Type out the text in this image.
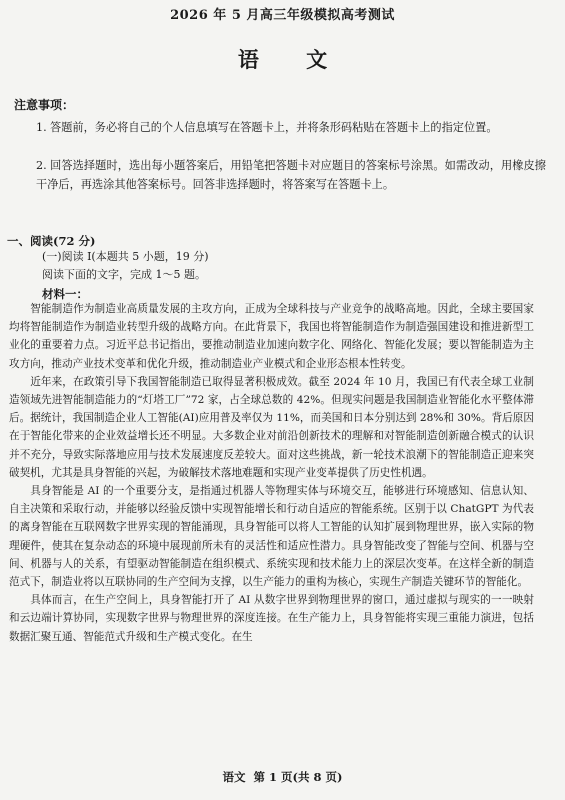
2026 年 5 月高三年级模拟高考测试
语 文
注意事项：
1. 答题前，务必将自己的个人信息填写在答题卡上，并将条形码粘贴在答题卡上的指定位置。
2. 回答选择题时，选出每小题答案后，用铅笔把答题卡对应题目的答案标号涂黑。如需改动，用橡皮擦干净后，再选涂其他答案标号。回答非选择题时，将答案写在答题卡上。
一、阅读(72 分)
(一)阅读 Ⅰ(本题共 5 小题，19 分)
阅读下面的文字，完成 1～5 题。
材料一：

智能制造作为制造业高质量发展的主攻方向，正成为全球科技与产业竞争的战略高地。因此，全球主要国家均将智能制造作为制造业转型升级的战略方向。在此背景下，我国也将智能制造作为制造强国建设和推进新型工业化的重要着力点。习近平总书记指出，要推动制造业加速向数字化、网络化、智能化发展；要以智能制造为主攻方向，推动产业技术变革和优化升级，推动制造业产业模式和企业形态根本性转变。

近年来，在政策引导下我国智能制造已取得显著积极成效。截至 2024 年 10 月，我国已有代表全球工业制造领域先进智能制造能力的“灯塔工厂”72 家，占全球总数的 42%。但现实问题是我国制造业智能化水平整体滞后。据统计，我国制造企业人工智能(AI)应用普及率仅为 11%，而美国和日本分别达到 28%和 30%。背后原因在于智能化带来的企业效益增长还不明显。大多数企业对前沿创新技术的理解和对智能制造创新融合模式的认识并不充分，导致实际落地应用与技术发展速度反差较大。面对这些挑战，新一轮技术浪潮下的智能制造正迎来突破契机，尤其是具身智能的兴起，为破解技术落地难题和实现产业变革提供了历史性机遇。

具身智能是 AI 的一个重要分支，是指通过机器人等物理实体与环境交互，能够进行环境感知、信息认知、自主决策和采取行动，并能够以经验反馈中实现智能增长和行动自适应的智能系统。区别于以 ChatGPT 为代表的离身智能在互联网数字世界实现的智能涌现，具身智能可以将人工智能的认知扩展到物理世界，嵌入实际的物理硬件，使其在复杂动态的环境中展现前所未有的灵活性和适应性潜力。具身智能改变了智能与空间、机器与空间、机器与人的关系，有望驱动智能制造在组织模式、系统实现和技术能力上的深层次变革。在这样全新的制造范式下，制造业将以互联协同的生产空间为支撑，以生产能力的重构为核心，实现生产制造关键环节的智能化。

具体而言，在生产空间上，具身智能打开了 AI 从数字世界到物理世界的窗口，通过虚拟与现实的一一映射和云边端计算协同，实现数字世界与物理世界的深度连接。在生产能力上，具身智能将实现三重能力演进，包括数据汇聚互通、智能范式升级和生产模式变化。在生

语文 第 1 页(共 8 页)
